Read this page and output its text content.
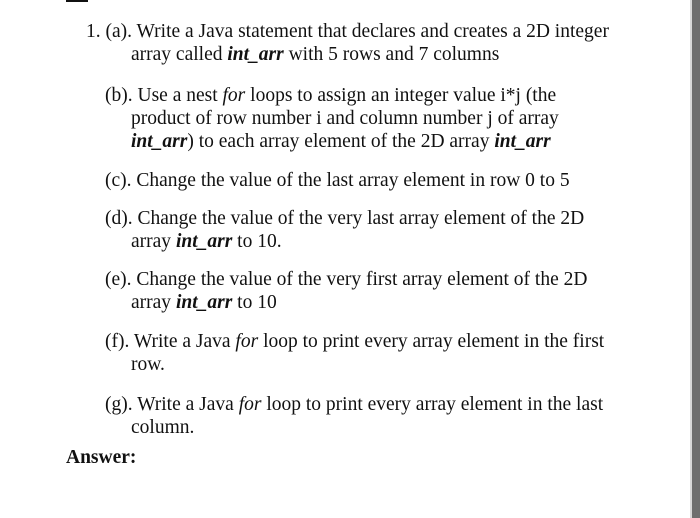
1. (a). Write a Java statement that declares and creates a 2D integer
array called int_arr with 5 rows and 7 columns
(b). Use a nest for loops to assign an integer value i*j (the
product of row number i and column number j of array
int_arr) to each array element of the 2D array int_arr
(c). Change the value of the last array element in row 0 to 5
(d). Change the value of the very last array element of the 2D
array int_arr to 10.
(e). Change the value of the very first array element of the 2D
array int_arr to 10
(f). Write a Java for loop to print every array element in the first
row.
(g). Write a Java for loop to print every array element in the last
column.
Answer:
